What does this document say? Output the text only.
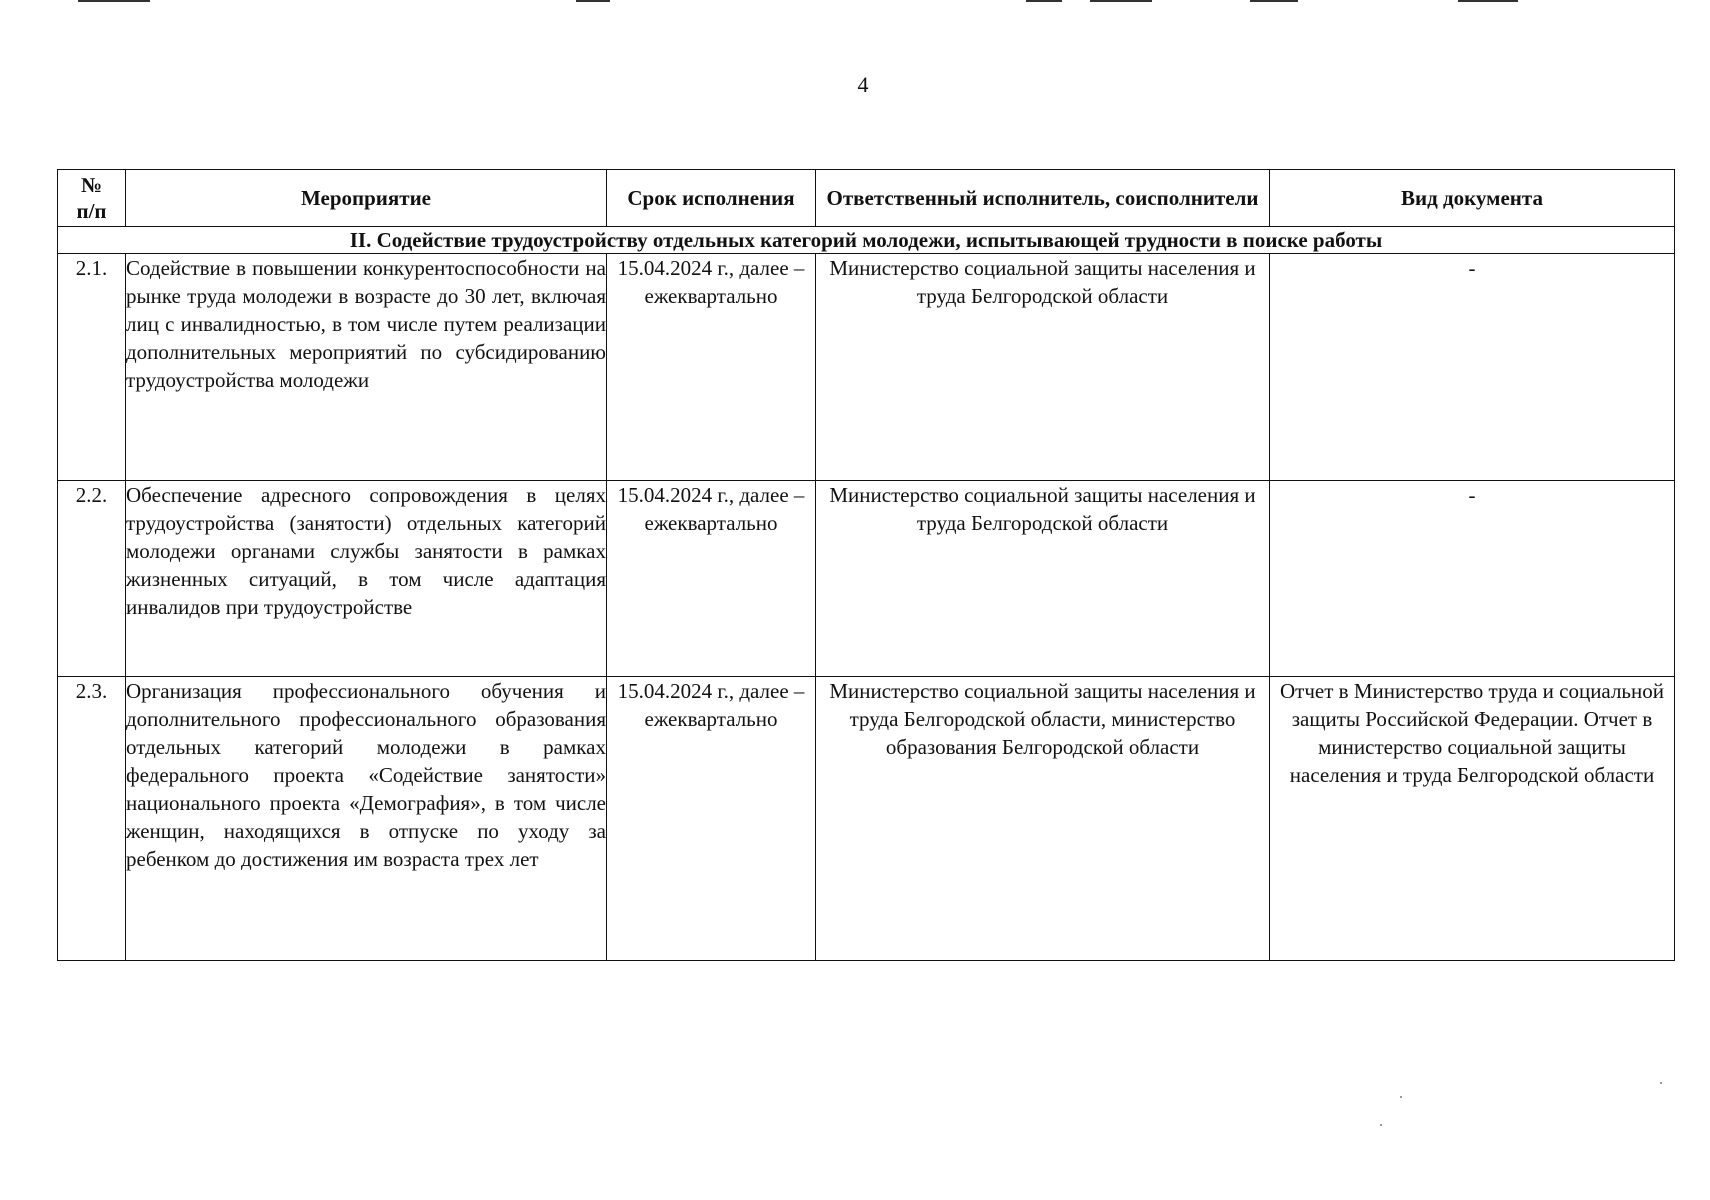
4
№
п/п	Мероприятие	Срок исполнения	Ответственный исполнитель, соисполнители	Вид документа
II. Содействие трудоустройству отдельных категорий молодежи, испытывающей трудности в поиске работы				
2.1.	Содействие в повышении конкурентоспособности на рынке труда молодежи в возрасте до 30 лет, включая лиц с инвалидностью, в том числе путем реализации дополнительных мероприятий по субсидированию трудоустройства молодежи	15.04.2024 г., далее – ежеквартально	Министерство социальной защиты населения и труда Белгородской области	-
2.2.	Обеспечение адресного сопровождения в целях трудоустройства (занятости) отдельных категорий молодежи органами службы занятости в рамках жизненных ситуаций, в том числе адаптация инвалидов при трудоустройстве	15.04.2024 г., далее – ежеквартально	Министерство социальной защиты населения и труда Белгородской области	-
2.3.	Организация профессионального обучения и дополнительного профессионального образования отдельных категорий молодежи в рамках федерального проекта «Содействие занятости» национального проекта «Демография», в том числе женщин, находящихся в отпуске по уходу за ребенком до достижения им возраста трех лет	15.04.2024 г., далее – ежеквартально	Министерство социальной защиты населения и труда Белгородской области, министерство образования Белгородской области	Отчет в Министерство труда и социальной защиты Российской Федерации. Отчет в министерство социальной защиты населения и труда Белгородской области
